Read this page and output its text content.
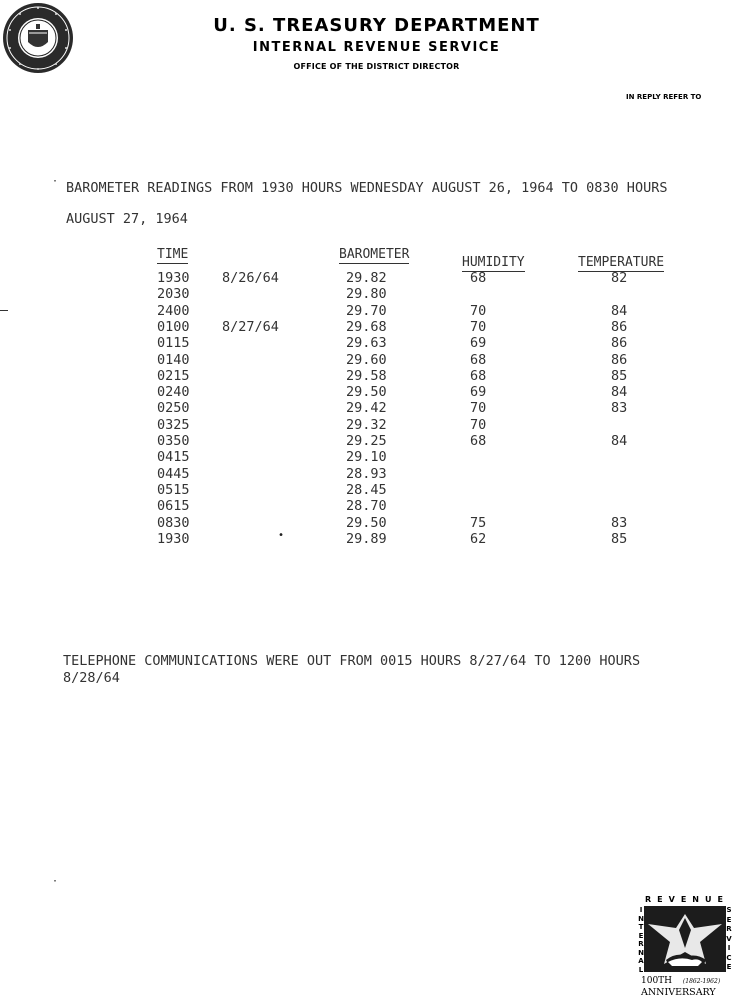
U. S. TREASURY DEPARTMENT
INTERNAL REVENUE SERVICE
OFFICE OF THE DISTRICT DIRECTOR
IN REPLY REFER TO
· BAROMETER READINGS FROM 1930 HOURS WEDNESDAY AUGUST 26, 1964 TO 0830 HOURS
AUGUST 27, 1964
TIME	BAROMETER
HUMIDITY	TEMPERATURE
1930 8/26/64	29.82	68	82
2030	29.80
2400	29.70	70	84
0100 8/27/64	29.68	70	86
0115	29.63	69	86
0140	29.60	68	86
0215	29.58	68	85
0240	29.50	69	84
0250	29.42	70	83
0325	29.32	70
0350	29.25	68	84
0415	29.10
0445	28.93
0515	28.45
0615	28.70
0830	29.50	75	83
1930	29.89	62	85
•
TELEPHONE COMMUNICATIONS WERE OUT FROM 0015 HOURS 8/27/64 TO 1200 HOURS
8/28/64
·
REVENUE
I
N
T
E
R
N
A
L
S
E
R
V
I
C
E
100TH (1862-1962)
ANNIVERSARY
